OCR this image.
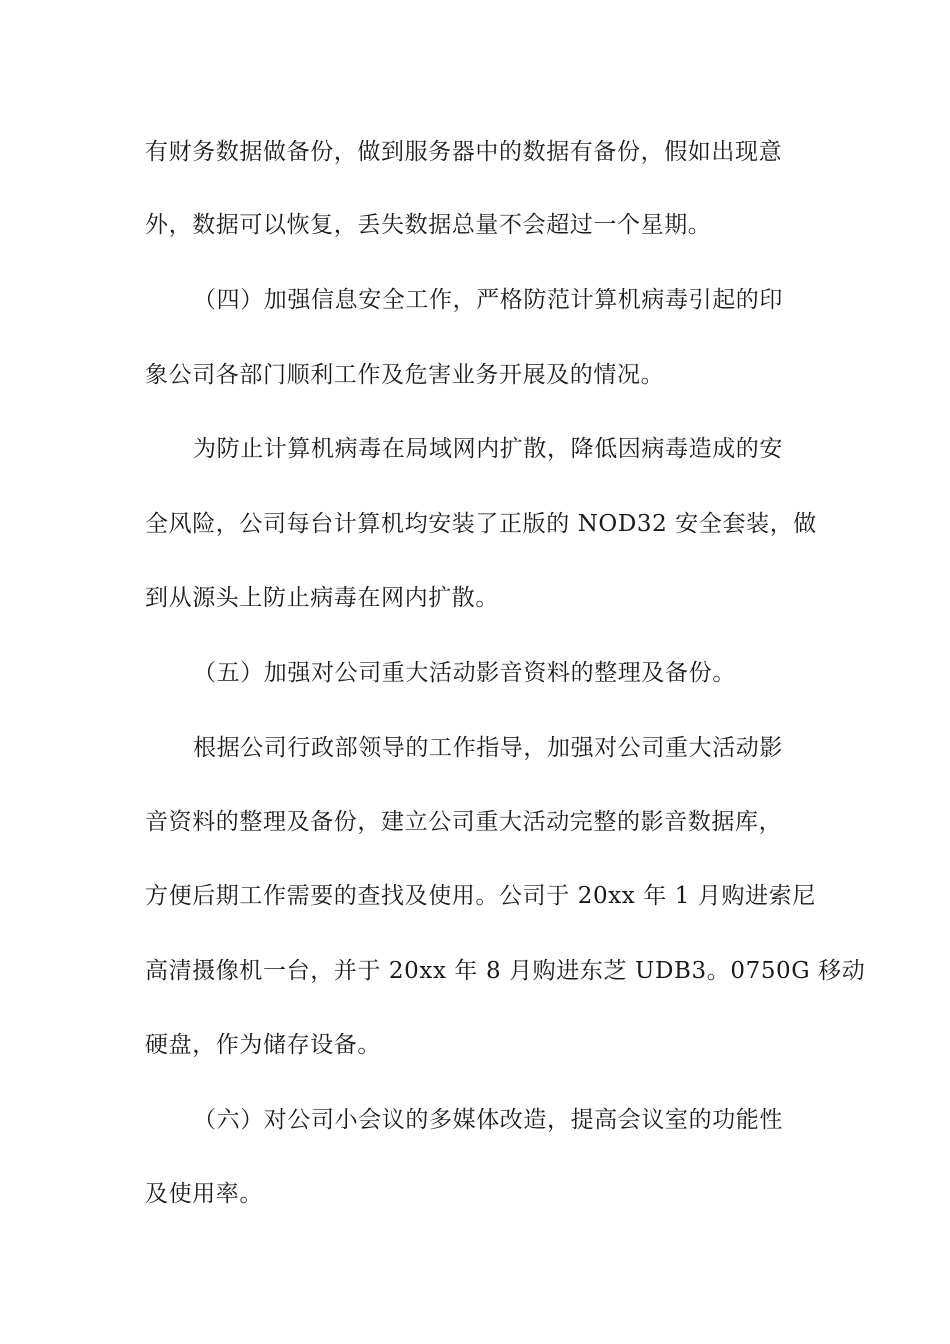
有财务数据做备份，做到服务器中的数据有备份，假如出现意
外，数据可以恢复，丢失数据总量不会超过一个星期。
（四）加强信息安全工作，严格防范计算机病毒引起的印
象公司各部门顺利工作及危害业务开展及的情况。
为防止计算机病毒在局域网内扩散，降低因病毒造成的安
全风险，公司每台计算机均安装了正版的 NOD32 安全套装，做
到从源头上防止病毒在网内扩散。
（五）加强对公司重大活动影音资料的整理及备份。
根据公司行政部领导的工作指导，加强对公司重大活动影
音资料的整理及备份，建立公司重大活动完整的影音数据库，
方便后期工作需要的查找及使用。公司于 20xx 年 1 月购进索尼
高清摄像机一台，并于 20xx 年 8 月购进东芝 UDB3。0750G 移动
硬盘，作为储存设备。
（六）对公司小会议的多媒体改造，提高会议室的功能性
及使用率。
